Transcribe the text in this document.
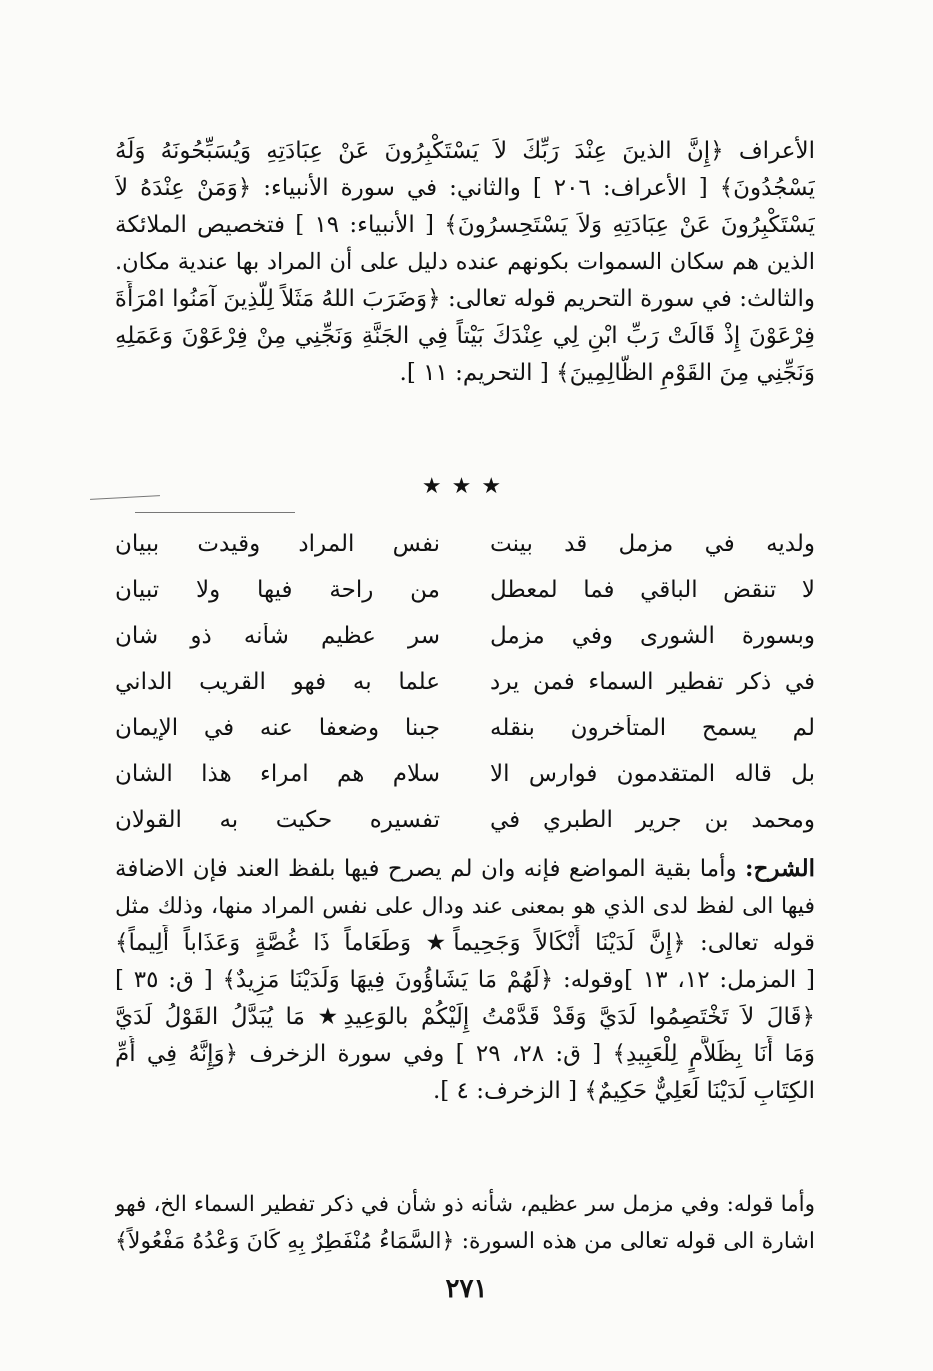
الأعراف ﴿إِنَّ الذينَ عِنْدَ رَبِّكَ لاَ يَسْتَكْبِرُونَ عَنْ عِبَادَتِهِ وَيُسَبِّحُونَهُ وَلَهُ
يَسْجُدُونَ﴾ [ الأعراف: ٢٠٦ ] والثاني: في سورة الأنبياء: ﴿وَمَنْ عِنْدَهُ لاَ
يَسْتَكْبِرُونَ عَنْ عِبَادَتِهِ وَلاَ يَسْتَحِسرُونَ﴾ [ الأنبياء: ١٩ ] فتخصيص الملائكة
الذين هم سكان السموات بكونهم عنده دليل على أن المراد بها عندية مكان.
والثالث: في سورة التحريم قوله تعالى: ﴿وَضَرَبَ اللهُ مَثَلاً لِلَّذِينَ آمَنُوا امْرَأَةَ
فِرْعَوْنَ إِذْ قَالَتْ رَبِّ ابْنِ لِي عِنْدَكَ بَيْتاً فِي الجَنَّةِ وَنَجِّنِي مِنْ فِرْعَوْنَ وَعَمَلِهِ
وَنَجِّنِي مِنَ القَوْمِ الظَّالِمِينَ﴾ [ التحريم: ١١ ].
★★★
ولديه في مزمل قد بينت
نفس المراد وقيدت ببيان
لا تنقض الباقي فما لمعطل
من راحة فيها ولا تبيان
وبسورة الشورى وفي مزمل
سر عظيم شأنه ذو شان
في ذكر تفطير السماء فمن يرد
علما به فهو القريب الداني
لم يسمح المتأخرون بنقله
جبنا وضعفا عنه في الإيمان
بل قاله المتقدمون فوارس الا
سلام هم امراء هذا الشان
ومحمد بن جرير الطبري في
تفسيره حكيت به القولان
الشرح: وأما بقية المواضع فإنه وان لم يصرح فيها بلفظ العند فإن الاضافة
فيها الى لفظ لدى الذي هو بمعنى عند ودال على نفس المراد منها، وذلك مثل
قوله تعالى: ﴿إِنَّ لَدَيْنَا أَنْكَالاً وَجَحِيماً★ وَطَعَاماً ذَا غُصَّةٍ وَعَذَاباً أَلِيماً﴾
[ المزمل: ١٢، ١٣ ]وقوله: ﴿لَهُمْ مَا يَشَاؤُونَ فِيهَا وَلَدَيْنَا مَزِيدٌ﴾ [ ق: ٣٥ ]
﴿قَالَ لاَ تَخْتَصِمُوا لَدَيَّ وَقَدْ قَدَّمْتُ إِلَيْكُمْ بالوَعِيدِ★ مَا يُبَدَّلُ القَوْلُ لَدَيَّ
وَمَا أَنَا بِظَلاَّمٍ لِلْعَبِيدِ﴾ [ ق: ٢٨، ٢٩ ] وفي سورة الزخرف ﴿وَإِنَّهُ فِي أُمِّ
الكِتَابِ لَدَيْنَا لَعَلِيٌّ حَكِيمٌ﴾ [ الزخرف: ٤ ].
وأما قوله: وفي مزمل سر عظيم، شأنه ذو شأن في ذكر تفطير السماء الخ، فهو
اشارة الى قوله تعالى من هذه السورة: ﴿السَّمَاءُ مُنْفَطِرٌ بِهِ كَانَ وَعْدُهُ مَفْعُولاً﴾
٢٧١
